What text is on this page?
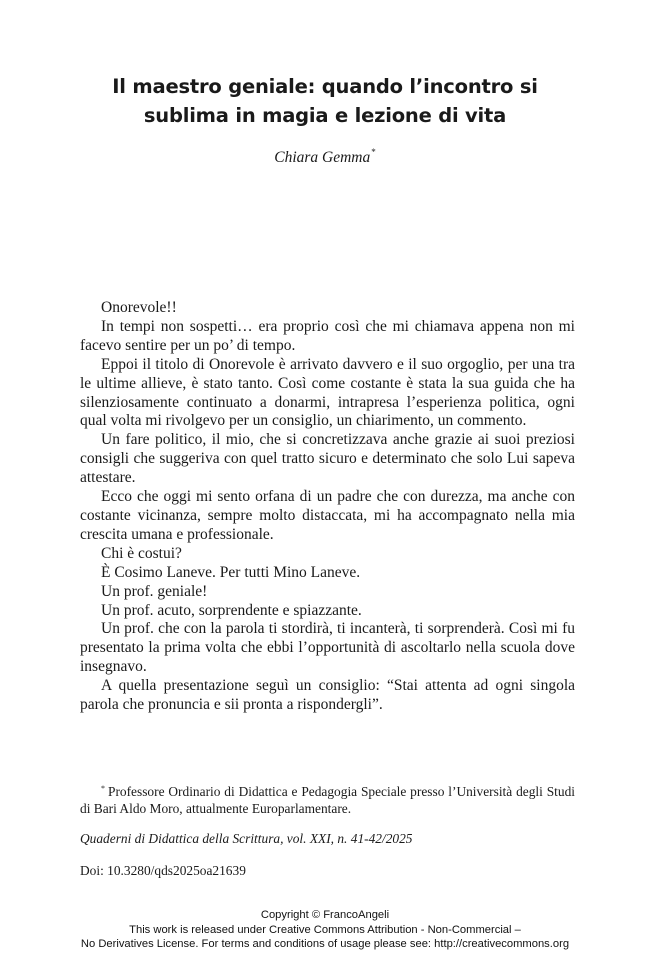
Il maestro geniale: quando l’incontro si
sublima in magia e lezione di vita
Chiara Gemma*

Onorevole!!

In tempi non sospetti… era proprio così che mi chiamava appena non mi facevo sentire per un po’ di tempo.

Eppoi il titolo di Onorevole è arrivato davvero e il suo orgoglio, per una tra le ultime allieve, è stato tanto. Così come costante è stata la sua guida che ha silenziosamente continuato a donarmi, intrapresa l’esperienza politica, ogni qual volta mi rivolgevo per un consiglio, un chiarimento, un commento.

Un fare politico, il mio, che si concretizzava anche grazie ai suoi preziosi consigli che suggeriva con quel tratto sicuro e determinato che solo Lui sapeva attestare.

Ecco che oggi mi sento orfana di un padre che con durezza, ma anche con costante vicinanza, sempre molto distaccata, mi ha accompagnato nella mia crescita umana e professionale.

Chi è costui?

È Cosimo Laneve. Per tutti Mino Laneve.

Un prof. geniale!

Un prof. acuto, sorprendente e spiazzante.

Un prof. che con la parola ti stordirà, ti incanterà, ti sorprenderà. Così mi fu presentato la prima volta che ebbi l’opportunità di ascoltarlo nella scuola dove insegnavo.

A quella presentazione seguì un consiglio: “Stai attenta ad ogni singola parola che pronuncia e sii pronta a rispondergli”.

* Professore Ordinario di Didattica e Pedagogia Speciale presso l’Università degli Studi di Bari Aldo Moro, attualmente Europarlamentare.
Quaderni di Didattica della Scrittura, vol. XXI, n. 41-42/2025
Doi: 10.3280/qds2025oa21639
Copyright © FrancoAngeli
This work is released under Creative Commons Attribution - Non-Commercial –
No Derivatives License. For terms and conditions of usage please see: http://creativecommons.org
